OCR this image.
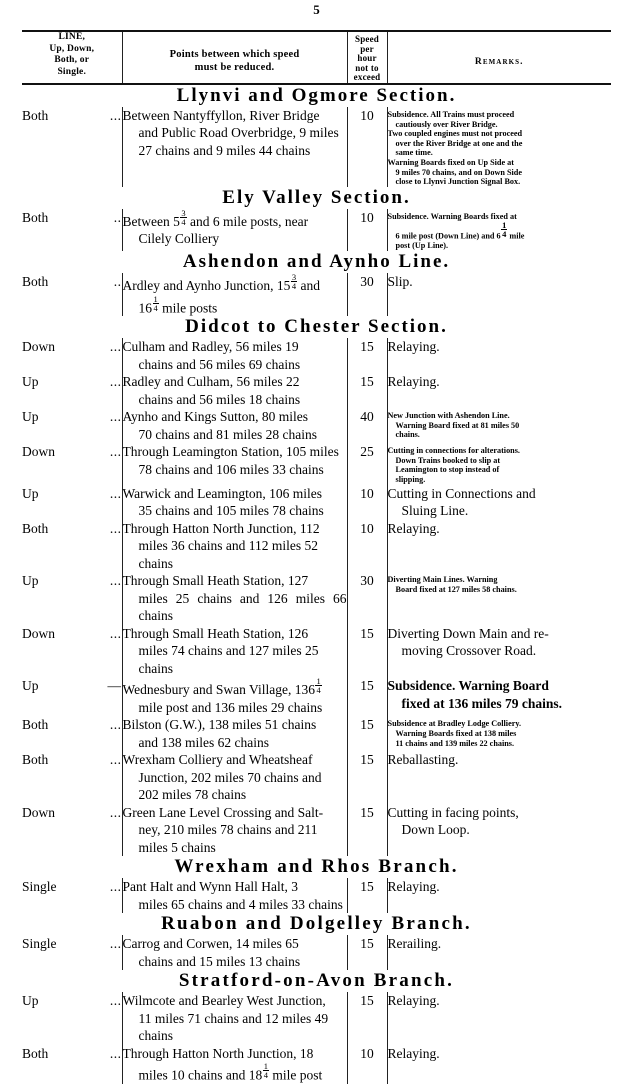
5
LINE,
Up, Down,
Both, or
Single.

Points between which speed
must be reduced.

Speed
per
hour
not to
exceed
	Remarks.

Llynvi and Ogmore Section.				
Both	...	Between Nantyffyllon, River Bridge
and Public Road Overbridge, 9 miles
27 chains and 9 miles 44 chains
	10	Subsidence. All Trains must proceed
cautiously over River Bridge.
Two coupled engines must not proceed
over the River Bridge at one and the
same time.
Warning Boards fixed on Up Side at
9 miles 70 chains, and on Down Side
close to Llynvi Junction Signal Box.

Ely Valley Section.				
Both	..	Between $5 \frac{3}{4}$ and 6 mile posts, near
Cilely Colliery
	10	Subsidence. Warning Boards fixed at
6 mile post (Down Line) and $6 \frac{1}{4}$ mile
post (Up Line).

Ashendon and Aynho Line.				
Both	..	Ardley and Aynho Junction, $15 \frac{3}{4}$ and
$16 \frac{1}{4}$ mile posts
	30	Slip.
Didcot to Chester Section.				
Down	...	Culham and Radley, 56 miles 19
chains and 56 miles 69 chains	15	Relaying.
Up	...	Radley and Culham, 56 miles 22
chains and 56 miles 18 chains	15	Relaying.
Up	...	Aynho and Kings Sutton, 80 miles
70 chains and 81 miles 28 chains	40	New Junction with Ashendon Line.
Warning Board fixed at 81 miles 50
chains.

Down	...	Through Leamington Station, 105 miles
78 chains and 106 miles 33 chains	25	Cutting in connections for alterations.
Down Trains booked to slip at
Leamington to stop instead of
slipping.

Up	...	Warwick and Leamington, 106 miles
35 chains and 105 miles 78 chains	10	Cutting in Connections and
Sluing Line.

Both	...	Through Hatton North Junction, 112
miles 36 chains and 112 miles 52
chains	10	Relaying.
Up	...	Through Small Heath Station, 127
miles 25 chains and 126 miles 66 chains	30	Diverting Main Lines. Warning
Board fixed at 127 miles 58 chains.

Down	...	Through Small Heath Station, 126
miles 74 chains and 127 miles 25
chains	15	Diverting Down Main and re-
moving Crossover Road.

Up	—	Wednesbury and Swan Village, $136 \frac{1}{4}$
mile post and 136 miles 29 chains	15	Subsidence. Warning Board
fixed at 136 miles 79 chains.

Both	...	Bilston (G.W.), 138 miles 51 chains
and 138 miles 62 chains	15	Subsidence at Bradley Lodge Colliery.
Warning Boards fixed at 138 miles
11 chains and 139 miles 22 chains.

Both	...	Wrexham Colliery and Wheatsheaf
Junction, 202 miles 70 chains and
202 miles 78 chains	15	Reballasting.
Down	...	Green Lane Level Crossing and Salt-
ney, 210 miles 78 chains and 211
miles 5 chains	15	Cutting in facing points,
Down Loop.

Wrexham and Rhos Branch.				
Single	...	Pant Halt and Wynn Hall Halt, 3
miles 65 chains and 4 miles 33 chains	15	Relaying.
Ruabon and Dolgelley Branch.				
Single	...	Carrog and Corwen, 14 miles 65
chains and 15 miles 13 chains	15	Rerailing.
Stratford-on-Avon Branch.				
Up	...	Wilmcote and Bearley West Junction,
11 miles 71 chains and 12 miles 49
chains	15	Relaying.
Both	...	Through Hatton North Junction, 18
miles 10 chains and $18 \frac{1}{4}$ mile post	10	Relaying.
